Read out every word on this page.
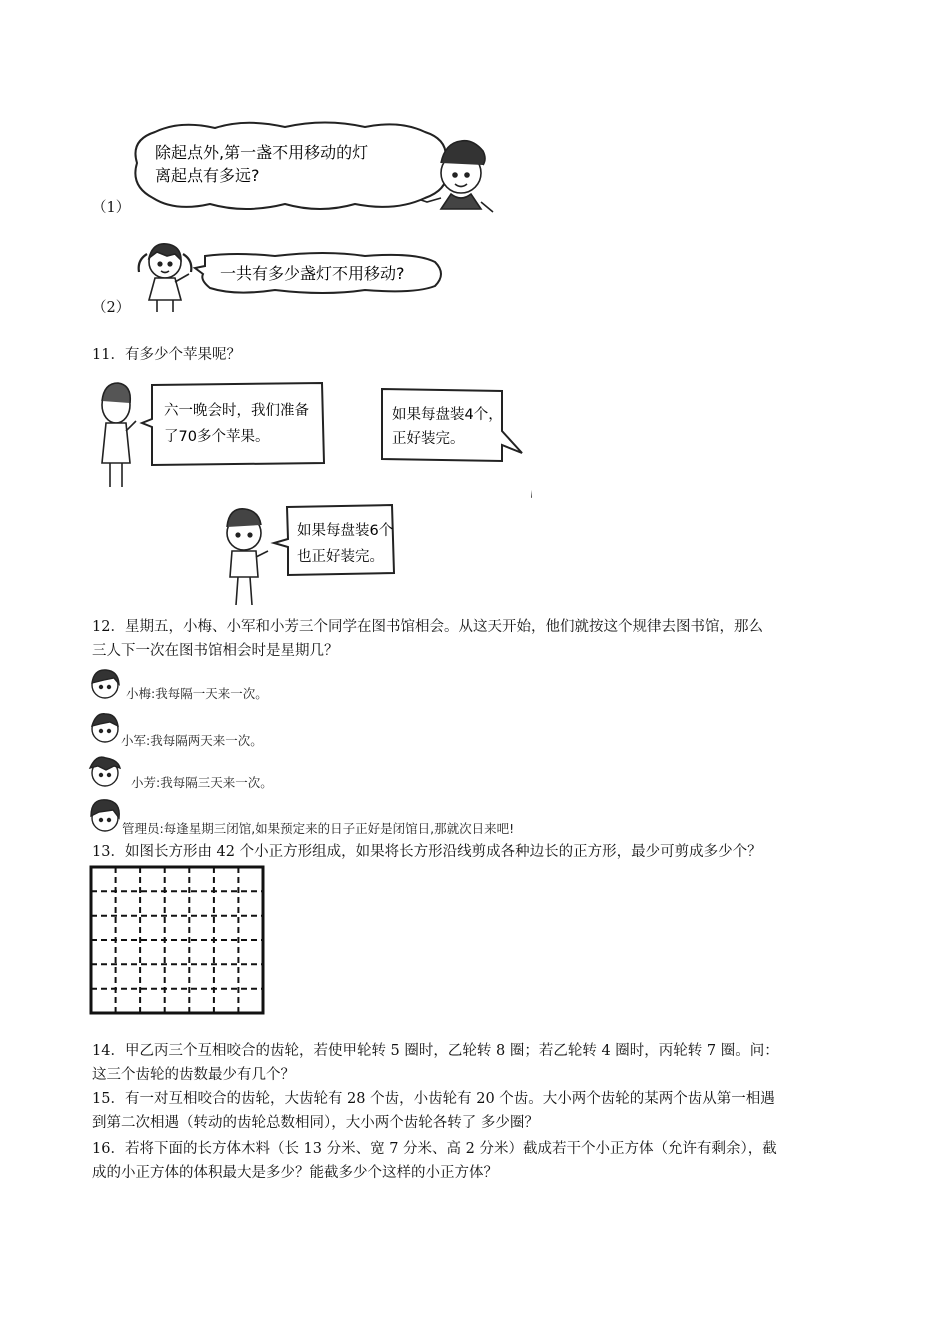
（1）
除起点外,第一盏不用移动的灯
离起点有多远?
（2）
一共有多少盏灯不用移动?
11．有多少个苹果呢？
六一晚会时，我们准备
了70多个苹果。
如果每盘装4个，
正好装完。
如果每盘装6个
也正好装完。
12．星期五，小梅、小军和小芳三个同学在图书馆相会。从这天开始，他们就按这个规律去图书馆，那么
三人下一次在图书馆相会时是星期几？
小梅:我每隔一天来一次。
小军:我每隔两天来一次。
小芳:我每隔三天来一次。
管理员:每逢星期三闭馆,如果预定来的日子正好是闭馆日,那就次日来吧!
13．如图长方形由 42 个小正方形组成，如果将长方形沿线剪成各种边长的正方形，最少可剪成多少个？
14．甲乙丙三个互相咬合的齿轮，若使甲轮转 5 圈时，乙轮转 8 圈；若乙轮转 4 圈时，丙轮转 7 圈。问：
这三个齿轮的齿数最少有几个？
15．有一对互相咬合的齿轮，大齿轮有 28 个齿，小齿轮有 20 个齿。大小两个齿轮的某两个齿从第一相遇
到第二次相遇（转动的齿轮总数相同），大小两个齿轮各转了 多少圈？
16．若将下面的长方体木料（长 13 分米、宽 7 分米、高 2 分米）截成若干个小正方体（允许有剩余），截
成的小正方体的体积最大是多少？能截多少个这样的小正方体？
